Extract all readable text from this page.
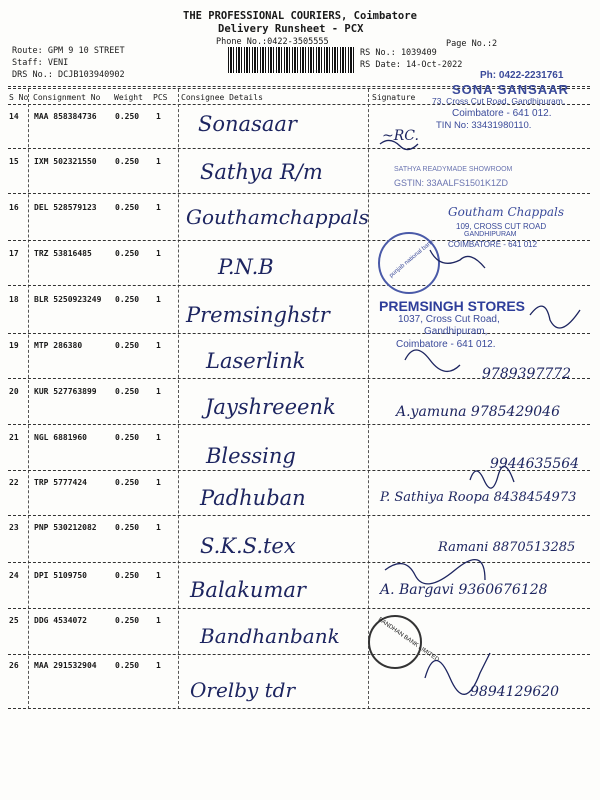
THE PROFESSIONAL COURIERS, Coimbatore
Delivery Runsheet - PCX
Phone No.:0422-3505555	Page No.:2
Route: GPM 9 10 STREET
Staff: VENI
DRS No.: DCJB103940902
RS No.: 1039409
RS Date: 14-Oct-2022
S No Consignment No Weight PCS Consignee Details	Signature
14 MAA 858384736 0.250 1 Sonasaar	~RC.
15 IXM 502321550 0.250 1 Sathya R/m
16 DEL 528579123 0.250 1 Gouthamchappals
17 TRZ 53816485	0.250 1
P.N.B
18 BLR 5250923249 0.250 1
Premsinghstr
19 MTP 286380	0.250 1
Laserlink
9789397772
20 KUR 527763899 0.250 1
Jayshreeenk	A.yamuna 9785429046
21 NGL 6881960	0.250 1
Blessing	9944635564
22 TRP 5777424	0.250 1
Padhuban	P. Sathiya Roopa 8438454973
23 PNP 530212082 0.250 1
S.K.S.tex	Ramani 8870513285
24 DPI 5109750	0.250 1
Balakumar	A. Bargavi 9360676128
25 DDG 4534072	0.250 1
Bandhanbank
26 MAA 291532904 0.250 1
Orelby tdr	9894129620
Ph: 0422-2231761
SONA SANSAAR
73, Cross Cut Road, Gandhipuram,
Coimbatore - 641 012.
TIN No: 33431980110.
SATHYA READYMADE SHOWROOM
GSTIN: 33AALFS1501K1ZD
Goutham Chappals
109, CROSS CUT ROAD
GANDHIPURAM
COIMBATORE - 641 012
punjab national bank
PREMSINGH STORES
1037, Cross Cut Road,
Gandhipuram,
Coimbatore - 641 012.
BANDHAN BANK LIMITED
